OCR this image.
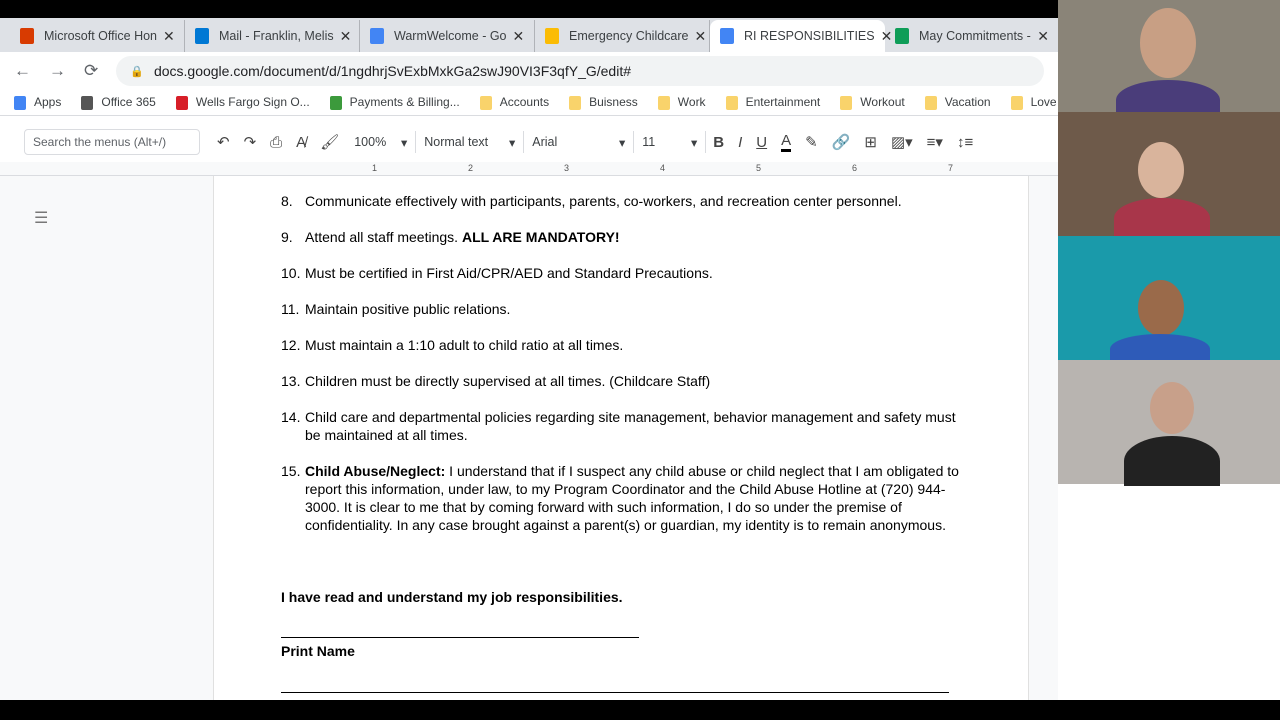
Microsoft Office Hon ✕	Mail - Franklin, Melis ✕	WarmWelcome - Go ✕	Emergency Childcare ✕	RI RESPONSIBILITIES ✕ May Commitments - ✕
← → ⟳	🔒 docs.google.com/document/d/1ngdhrjSvExbMxkGa2swJ90VI3F3qfY_G/edit#
Apps	Office 365	Wells Fargo Sign O...	Payments & Billing...	Accounts	Buisness	Work	Entertainment	Workout	Vacation	Love
Search the menus (Alt+/)	↶ ↷ ⎙ A̸ 🖌 100% ▾ Normal text ▾ Arial	▾ 11	▾ B I U A ✎ 🔗 ⊞ ▨▾ ≡▾ ↕≡
1	2	3	4	5	6	7
☰
I have read and understand my job responsibilities.
Print Name
8. Communicate effectively with participants, parents, co-workers, and recreation center personnel.
9. Attend all staff meetings. ALL ARE MANDATORY!
10. Must be certified in First Aid/CPR/AED and Standard Precautions.
11. Maintain positive public relations.
12. Must maintain a 1:10 adult to child ratio at all times.
13. Children must be directly supervised at all times. (Childcare Staff)
14. Child care and departmental policies regarding site management, behavior management and safety must be maintained at all times.
15. Child Abuse/Neglect: I understand that if I suspect any child abuse or child neglect that I am obligated to report this information, under law, to my Program Coordinator and the Child Abuse Hotline at (720) 944-3000. It is clear to me that by coming forward with such information, I do so under the premise of confidentiality. In any case brought against a parent(s) or guardian, my identity is to remain anonymous.
